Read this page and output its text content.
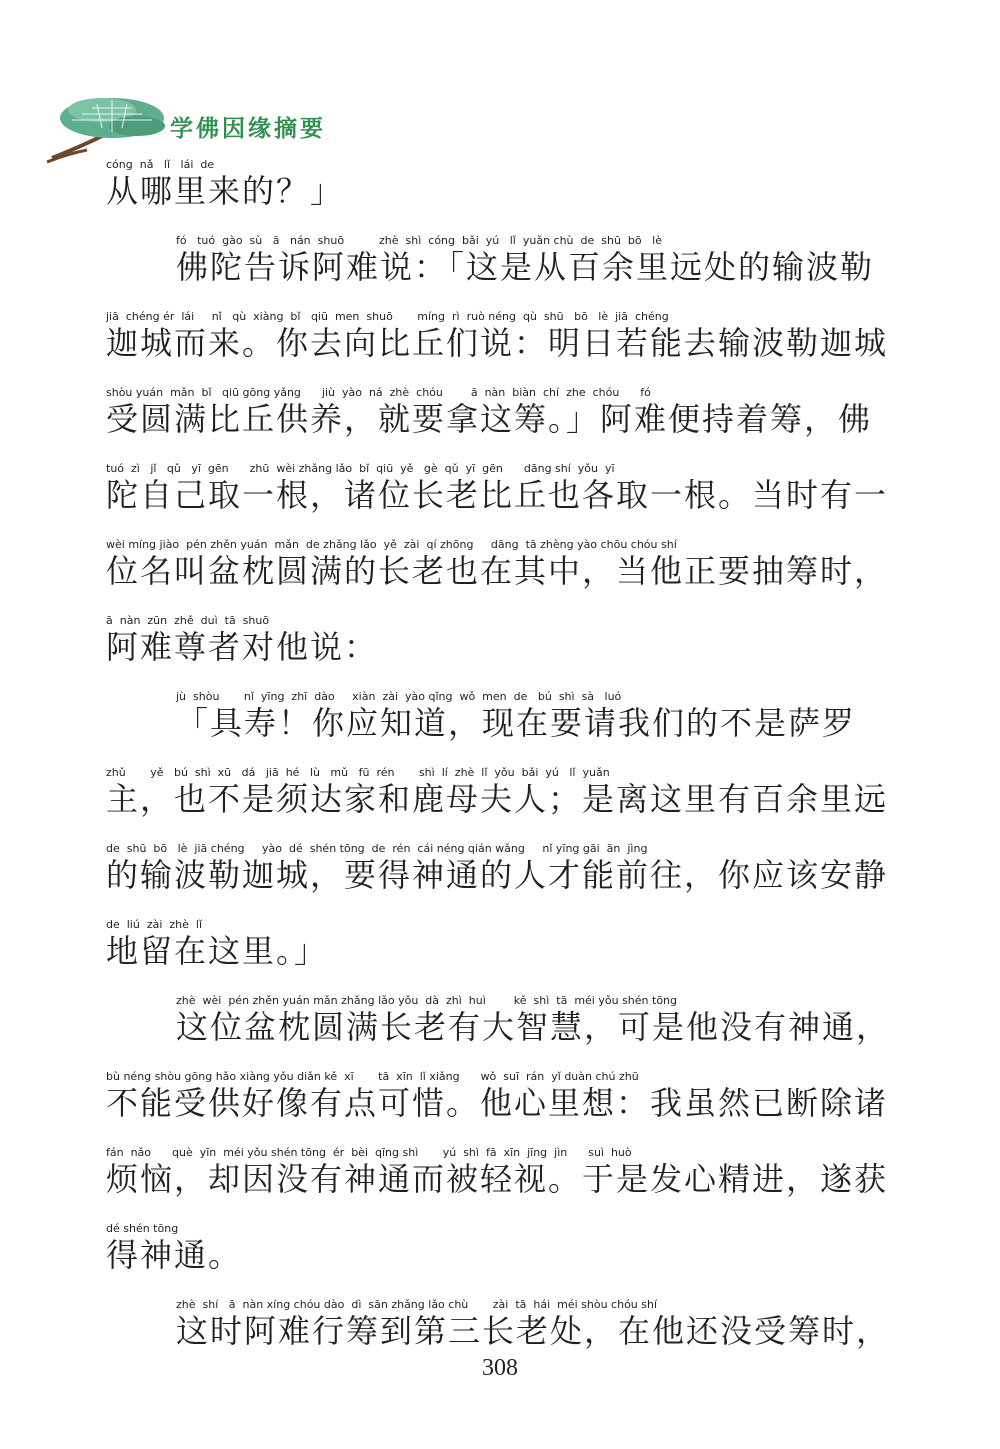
学佛因缘摘要
cóng  nǎ   lǐ   lái  de
从哪里来的？」
fó   tuó  gào  sù   ā   nán  shuō          zhè  shì  cóng  bǎi  yú   lǐ  yuǎn chù  de  shū  bō   lè
佛陀告诉阿难说：「这是从百余里远处的输波勒
jiā  chéng ér  lái     nǐ   qù  xiàng  bǐ   qiū  men  shuō       míng  rì  ruò néng  qù  shū   bō   lè  jiā  chéng
迦城而来。你去向比丘们说：明日若能去输波勒迦城
shòu yuán  mǎn  bǐ   qiū gōng yǎng      jiù  yào  ná  zhè  chóu        ā  nàn  biàn  chí  zhe  chóu      fó
受圆满比丘供养，就要拿这筹。」阿难便持着筹，佛
tuó  zì   jǐ   qǔ   yī  gēn      zhū  wèi zhǎng lǎo  bǐ  qiū  yě   gè  qǔ  yī  gēn      dāng shí  yǒu  yī
陀自己取一根，诸位长老比丘也各取一根。当时有一
wèi míng jiào  pén zhěn yuán  mǎn  de zhǎng lǎo  yě  zài  qí zhōng     dāng  tā zhèng yào chōu chóu shí
位名叫盆枕圆满的长老也在其中，当他正要抽筹时，
ā  nàn  zūn  zhě  duì  tā  shuō
阿难尊者对他说：
jù  shòu       nǐ  yīng  zhī  dào     xiàn  zài  yào qǐng  wǒ  men  de   bú  shì  sà   luó
「具寿！你应知道，现在要请我们的不是萨罗
zhǔ       yě   bú  shì  xū   dá   jiā  hé   lù   mǔ   fū  rén       shì  lí  zhè  lǐ  yǒu  bǎi  yú   lǐ  yuǎn
主，也不是须达家和鹿母夫人；是离这里有百余里远
de  shū  bō   lè  jiā chéng     yào  dé  shén tōng  de  rén  cái néng qián wǎng     nǐ yīng gāi  ān  jìng
的输波勒迦城，要得神通的人才能前往，你应该安静
de  liú  zài  zhè  lǐ
地留在这里。」
zhè  wèi  pén zhěn yuán mǎn zhǎng lǎo yǒu  dà  zhì  huì        kě  shì  tā  méi yǒu shén tōng
这位盆枕圆满长老有大智慧，可是他没有神通，
bù néng shòu gōng hǎo xiàng yǒu diǎn kě  xī       tā  xīn  lǐ xiǎng      wǒ  suī  rán  yǐ duàn chú zhū
不能受供好像有点可惜。他心里想：我虽然已断除诸
fán  nǎo      què  yīn  méi yǒu shén tōng  ér  bèi  qīng shì       yú  shì  fā  xīn  jīng  jìn      suì  huò
烦恼，却因没有神通而被轻视。于是发心精进，遂获
dé shén tōng
得神通。
zhè  shí   ā  nàn xíng chóu dào  dì  sān zhǎng lǎo chù       zài  tā  hái  méi shòu chóu shí
这时阿难行筹到第三长老处，在他还没受筹时，
308
